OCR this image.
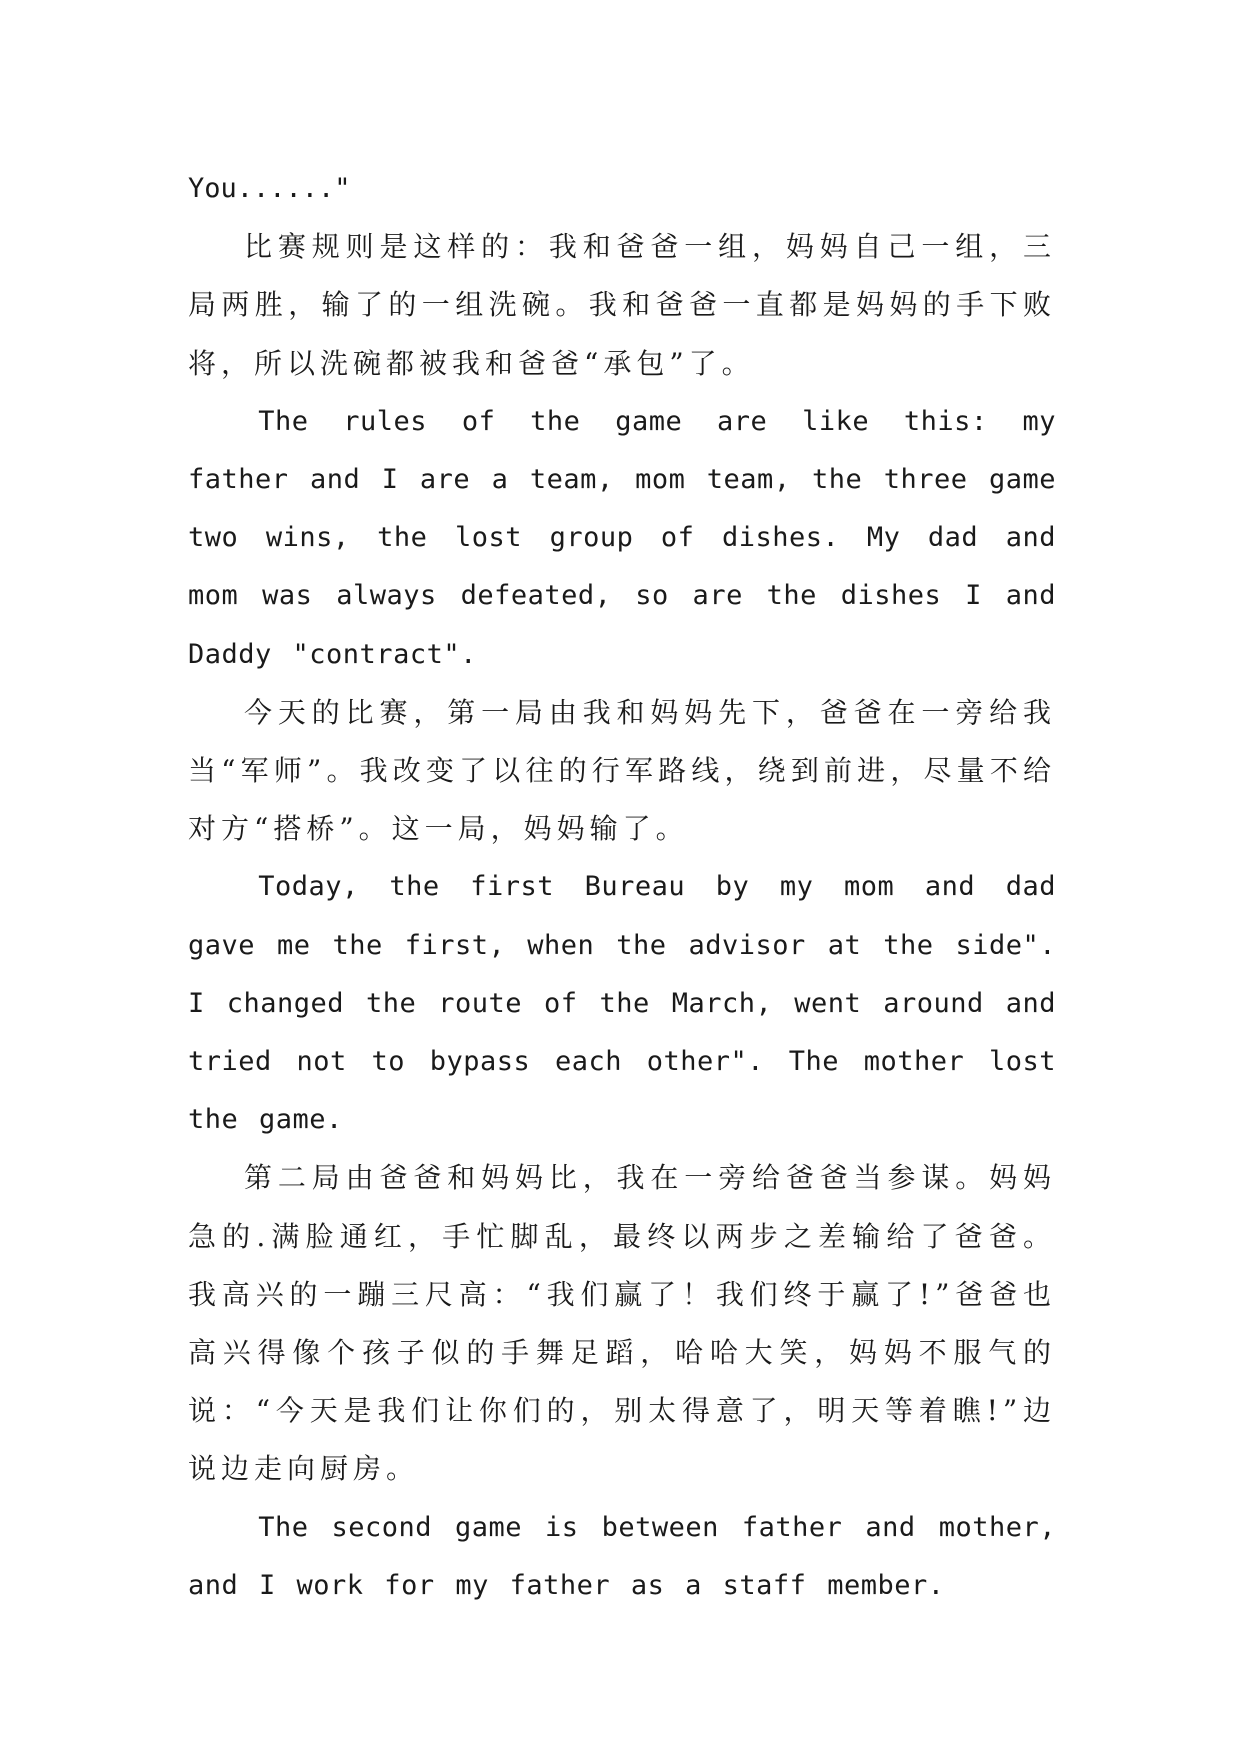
You......"

比赛规则是这样的：我和爸爸一组，妈妈自己一组，三局两胜，输了的一组洗碗。我和爸爸一直都是妈妈的手下败将，所以洗碗都被我和爸爸“承包”了。

The rules of the game are like this: my father and I are a team, mom team, the three game two wins, the lost group of dishes. My dad and mom was always defeated, so are the dishes I and Daddy "contract".

今天的比赛，第一局由我和妈妈先下，爸爸在一旁给我当“军师”。我改变了以往的行军路线，绕到前进，尽量不给对方“搭桥”。这一局，妈妈输了。

Today, the first Bureau by my mom and dad gave me the first, when the advisor at the side". I changed the route of the March, went around and tried not to bypass each other". The mother lost the game.

第二局由爸爸和妈妈比，我在一旁给爸爸当参谋。妈妈急的.满脸通红，手忙脚乱，最终以两步之差输给了爸爸。我高兴的一蹦三尺高：“我们赢了！我们终于赢了!”爸爸也高兴得像个孩子似的手舞足蹈，哈哈大笑，妈妈不服气的说：“今天是我们让你们的，别太得意了，明天等着瞧!”边说边走向厨房。

The second game is between father and mother, and I work for my father as a staff member.
